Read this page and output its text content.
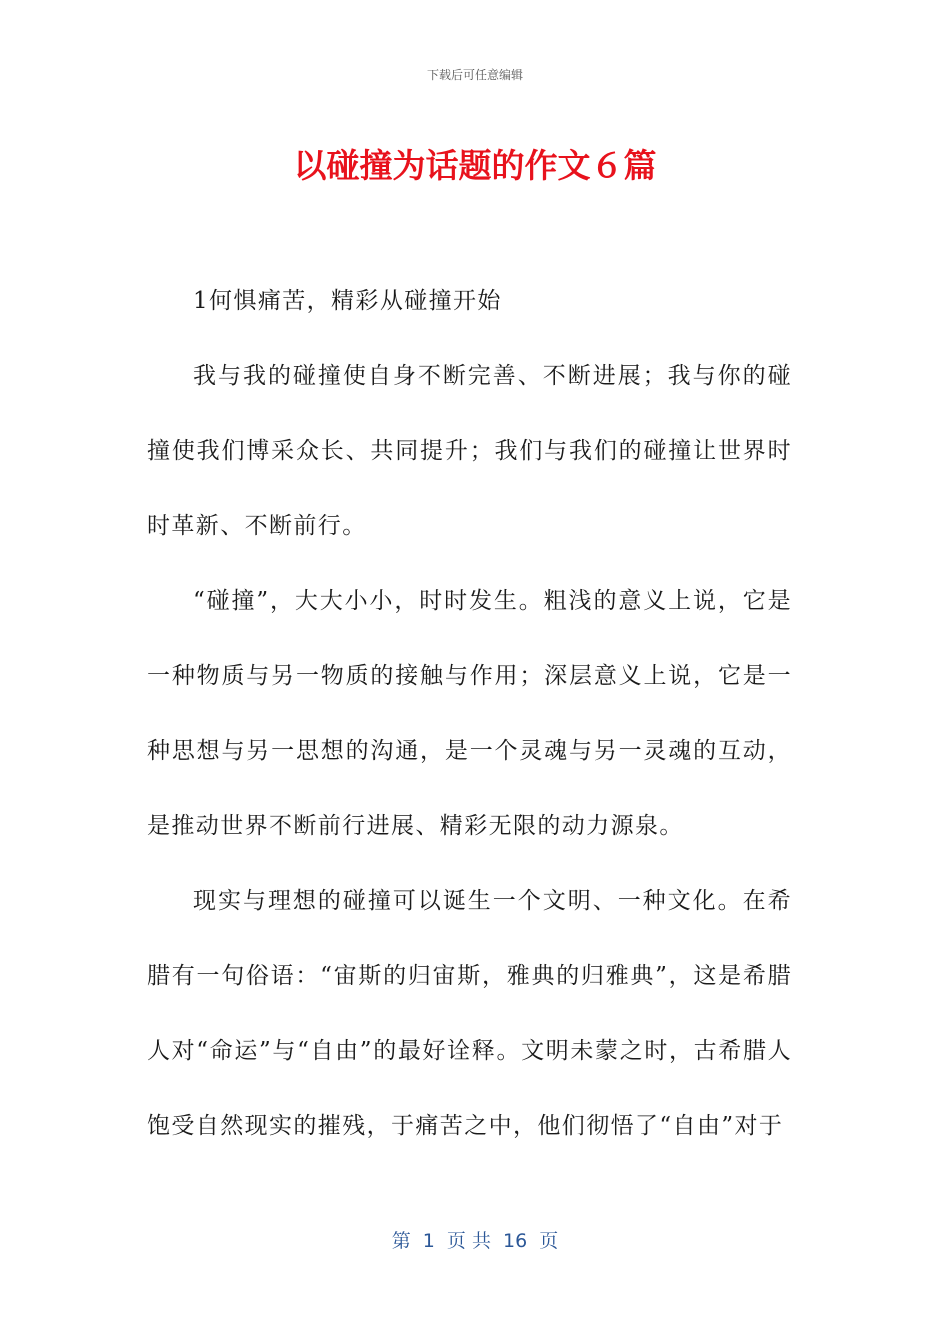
下载后可任意编辑
以碰撞为话题的作文６篇

1何惧痛苦，精彩从碰撞开始

我与我的碰撞使自身不断完善、不断进展；我与你的碰撞使我们博采众长、共同提升；我们与我们的碰撞让世界时时革新、不断前行。

“碰撞”，大大小小，时时发生。粗浅的意义上说，它是一种物质与另一物质的接触与作用；深层意义上说，它是一种思想与另一思想的沟通，是一个灵魂与另一灵魂的互动，是推动世界不断前行进展、精彩无限的动力源泉。

现实与理想的碰撞可以诞生一个文明、一种文化。在希腊有一句俗语：“宙斯的归宙斯，雅典的归雅典”，这是希腊人对“命运”与“自由”的最好诠释。文明未蒙之时，古希腊人饱受自然现实的摧残，于痛苦之中，他们彻悟了“自由”对于

第  1  页 共  16  页
